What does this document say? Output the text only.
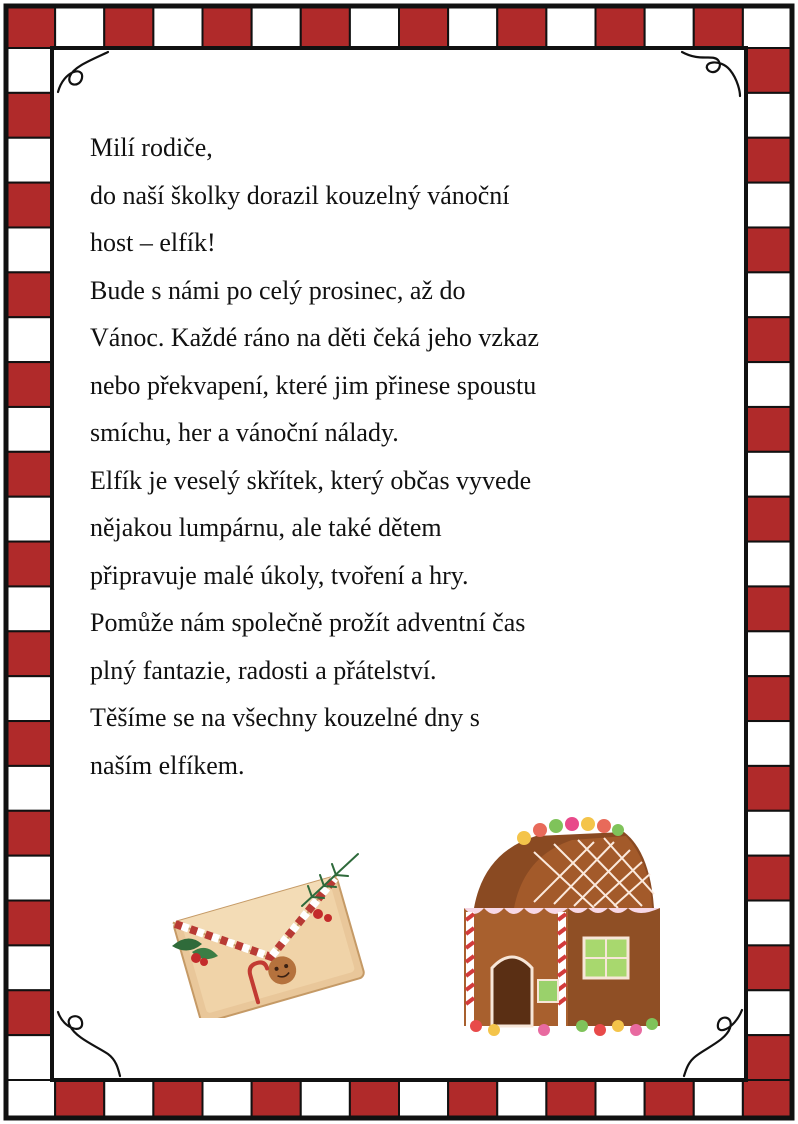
Milí rodiče,
do naší školky dorazil kouzelný vánoční
host – elfík!
Bude s námi po celý prosinec, až do
Vánoc. Každé ráno na děti čeká jeho vzkaz
nebo překvapení, které jim přinese spoustu
smíchu, her a vánoční nálady.
Elfík je veselý skřítek, který občas vyvede
nějakou lumpárnu, ale také dětem
připravuje malé úkoly, tvoření a hry.
Pomůže nám společně prožít adventní čas
plný fantazie, radosti a přátelství.
Těšíme se na všechny kouzelné dny s
naším elfíkem.
